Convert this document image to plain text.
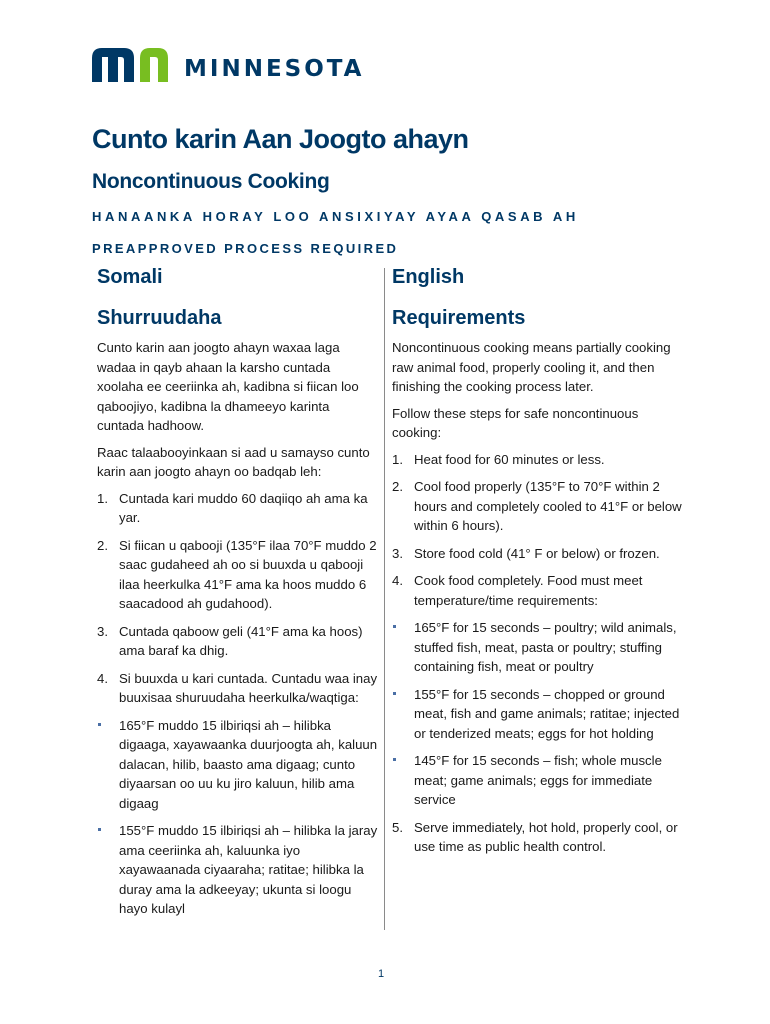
MINNESOTA
Cunto karin Aan Joogto ahayn
Noncontinuous Cooking
HANAANKA HORAY LOO ANSIXIYAY AYAA QASAB AH
PREAPPROVED PROCESS REQUIRED
Somali
Shurruudaha

Cunto karin aan joogto ahayn waxaa laga wadaa in qayb ahaan la karsho cuntada xoolaha ee ceeriinka ah, kadibna si fiican loo qaboojiyo, kadibna la dhameeyo karinta cuntada hadhoow.

Raac talaabooyinkaan si aad u samayso cunto karin aan joogto ahayn oo badqab leh:

1. Cuntada kari muddo 60 daqiiqo ah ama ka yar.
2. Si fiican u qabooji (135°F ilaa 70°F muddo 2 saac gudaheed ah oo si buuxda u qabooji ilaa heerkulka 41°F ama ka hoos muddo 6 saacadood ah gudahood).
3. Cuntada qaboow geli (41°F ama ka hoos) ama baraf ka dhig.
4. Si buuxda u kari cuntada. Cuntadu waa inay buuxisaa shuruudaha heerkulka/waqtiga:
165°F muddo 15 ilbiriqsi ah – hilibka digaaga, xayawaanka duurjoogta ah, kaluun dalacan, hilib, baasto ama digaag; cunto diyaarsan oo uu ku jiro kaluun, hilib ama digaag
155°F muddo 15 ilbiriqsi ah – hilibka la jaray ama ceeriinka ah, kaluunka iyo xayawaanada ciyaaraha; ratitae; hilibka la duray ama la adkeeyay; ukunta si loogu hayo kulayl
English
Requirements

Noncontinuous cooking means partially cooking raw animal food, properly cooling it, and then finishing the cooking process later.

Follow these steps for safe noncontinuous cooking:

1. Heat food for 60 minutes or less.
2. Cool food properly (135°F to 70°F within 2 hours and completely cooled to 41°F or below within 6 hours).
3. Store food cold (41° F or below) or frozen.
4. Cook food completely. Food must meet temperature/time requirements:
165°F for 15 seconds – poultry; wild animals, stuffed fish, meat, pasta or poultry; stuffing containing fish, meat or poultry
155°F for 15 seconds – chopped or ground meat, fish and game animals; ratitae; injected or tenderized meats; eggs for hot holding
145°F for 15 seconds – fish; whole muscle meat; game animals; eggs for immediate service
5. Serve immediately, hot hold, properly cool, or use time as public health control.
1
